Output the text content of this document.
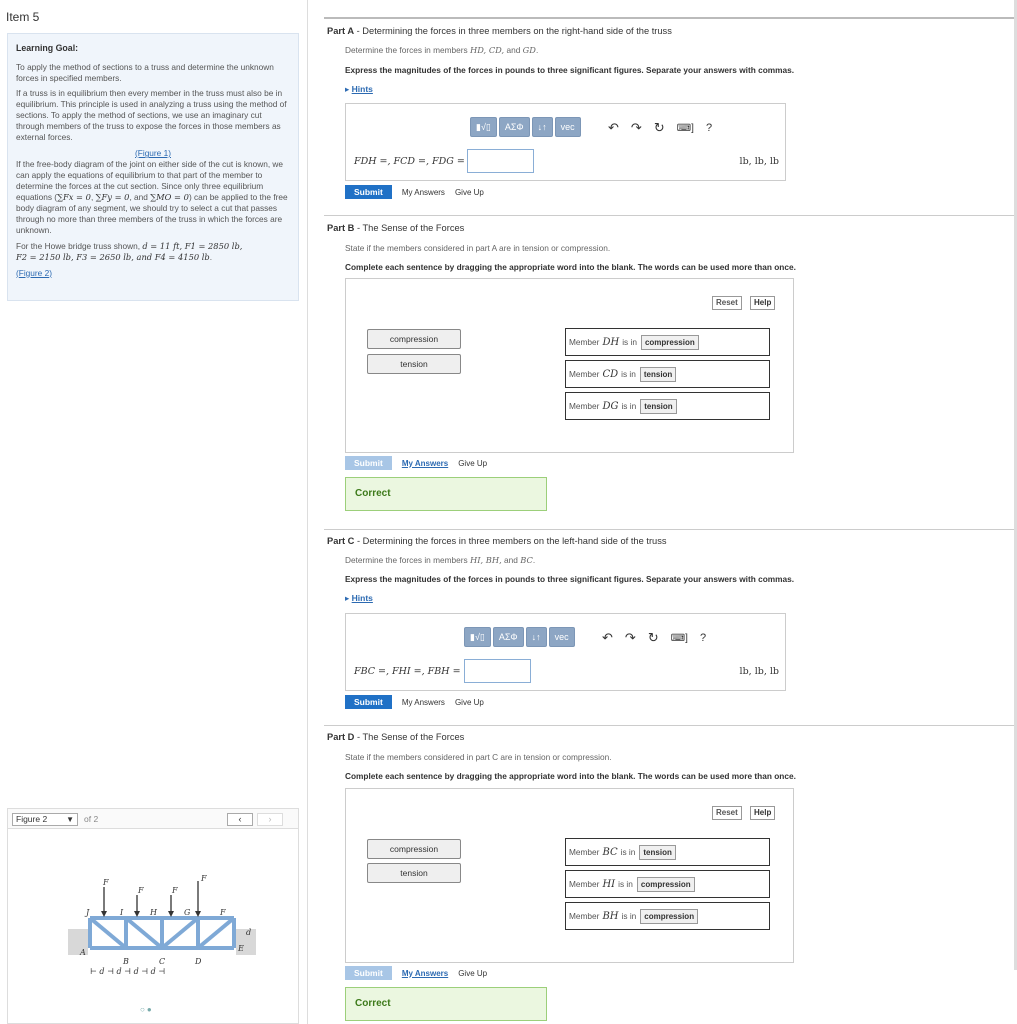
Item 5
Learning Goal:

To apply the method of sections to a truss and determine the unknown forces in specified members.

If a truss is in equilibrium then every member in the truss must also be in equilibrium. This principle is used in analyzing a truss using the method of sections. To apply the method of sections, we use an imaginary cut through members of the truss to expose the forces in those members as external forces.

(Figure 1)

If the free-body diagram of the joint on either side of the cut is known, we can apply the equations of equilibrium to that part of the member to determine the forces at the cut section. Since only three equilibrium equations (∑Fx = 0, ∑Fy = 0, and ∑MO = 0) can be applied to the free body diagram of any segment, we should try to select a cut that passes through no more than three members of the truss in which the forces are unknown.

For the Howe bridge truss shown, d = 11 ft, F1 = 2850 lb,
F2 = 2150 lb, F3 = 2650 lb, and F4 = 4150 lb.

(Figure 2)
Figure 2 ▼ of 2	‹	›
F
F	F
F
J	I	H	G	F
A
B	C	D
E
d
⊢ d ⊣ d ⊣ d ⊣ d ⊣
○●
Part A - Determining the forces in three members on the right-hand side of the truss
Determine the forces in members HD, CD, and GD.
Express the magnitudes of the forces in pounds to three significant figures. Separate your answers with commas.
▸ Hints
▮√▯	ΑΣΦ	↓↑	vec	↶ ↷ ↻ ⌨] ?
FDH =, FCD =, FDG =	lb, lb, lb
Submit	My Answers Give Up
Part B - The Sense of the Forces
State if the members considered in part A are in tension or compression.
Complete each sentence by dragging the appropriate word into the blank. The words can be used more than once.
Reset	Help
compression
tension
Member DH is in	compression
Member CD is in	tension
Member DG is in	tension
Submit	My Answers Give Up
Correct
Part C - Determining the forces in three members on the left-hand side of the truss
Determine the forces in members HI, BH, and BC.
Express the magnitudes of the forces in pounds to three significant figures. Separate your answers with commas.
▸ Hints
▮√▯	ΑΣΦ	↓↑	vec	↶ ↷ ↻ ⌨] ?
FBC =, FHI =, FBH =	lb, lb, lb
Submit	My Answers Give Up
Part D - The Sense of the Forces
State if the members considered in part C are in tension or compression.
Complete each sentence by dragging the appropriate word into the blank. The words can be used more than once.
Reset	Help
compression
tension
Member BC is in	tension
Member HI is in	compression
Member BH is in	compression
Submit	My Answers Give Up
Correct
